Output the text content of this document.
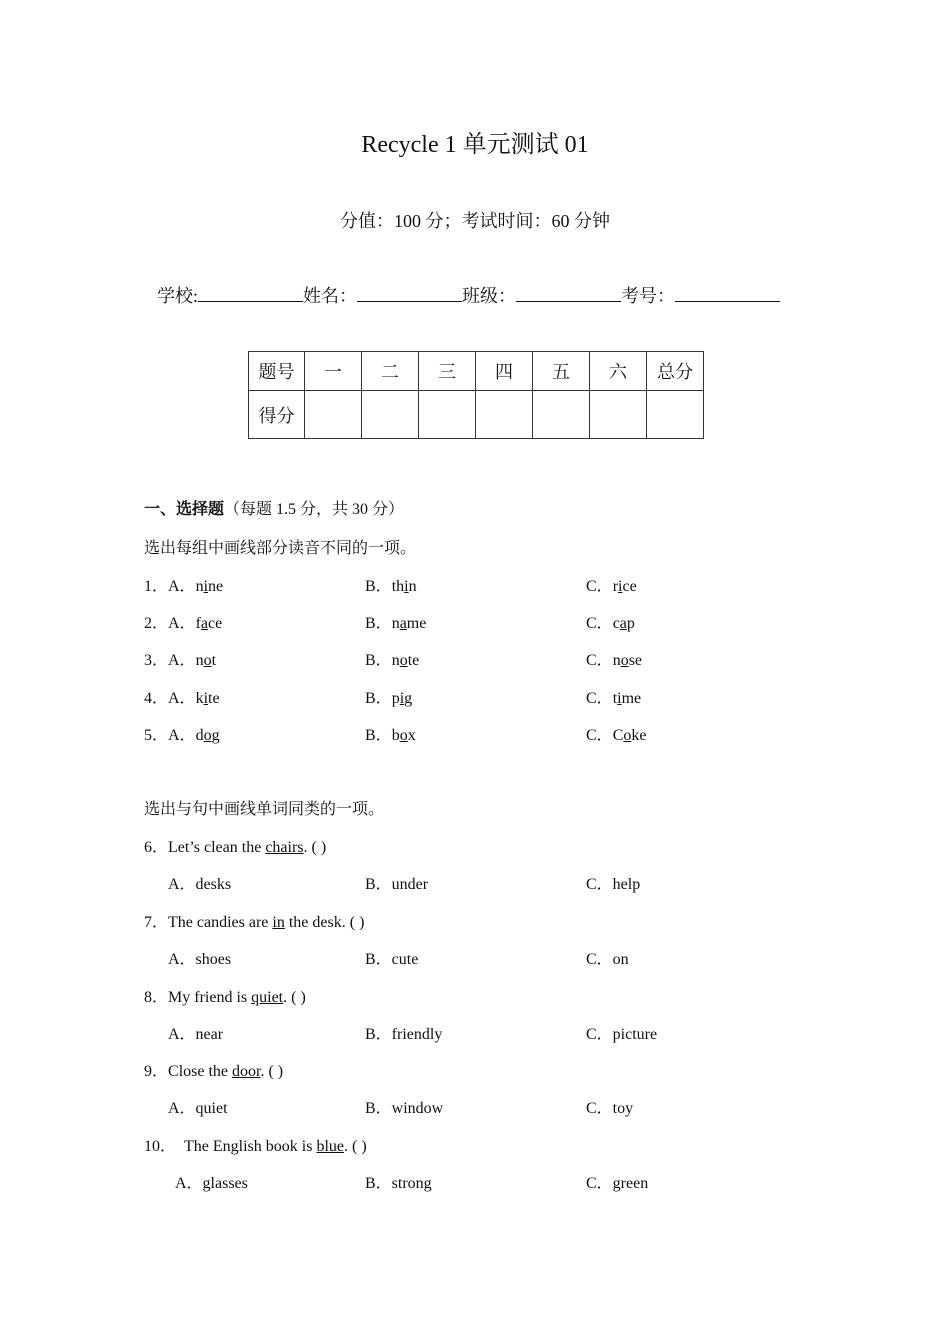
Recycle 1 单元测试 01
分值：100 分；考试时间：60 分钟
学校:	姓名：	班级：	考号：
题号	一	二	三	四	五	六	总分
得分							
一、选择题（每题 1.5 分，共 30 分）
选出每组中画线部分读音不同的一项。
1． A．nine	B．thin	C．rice
2． A．face	B．name	C．cap
3． A．not	B．note	C．nose
4． A．kite	B．pig	C．time
5． A．dog	B．box	C．Coke
选出与句中画线单词同类的一项。
6．Let’s clean the chairs. ( )
A．desks	B．under	C．help
7．The candies are in the desk. ( )
A．shoes	B．cute	C．on
8．My friend is quiet. ( )
A．near	B．friendly	C．picture
9．Close the door. ( )
A．quiet	B．window	C．toy
10． The English book is blue. ( )
A．glasses	B．strong	C．green
